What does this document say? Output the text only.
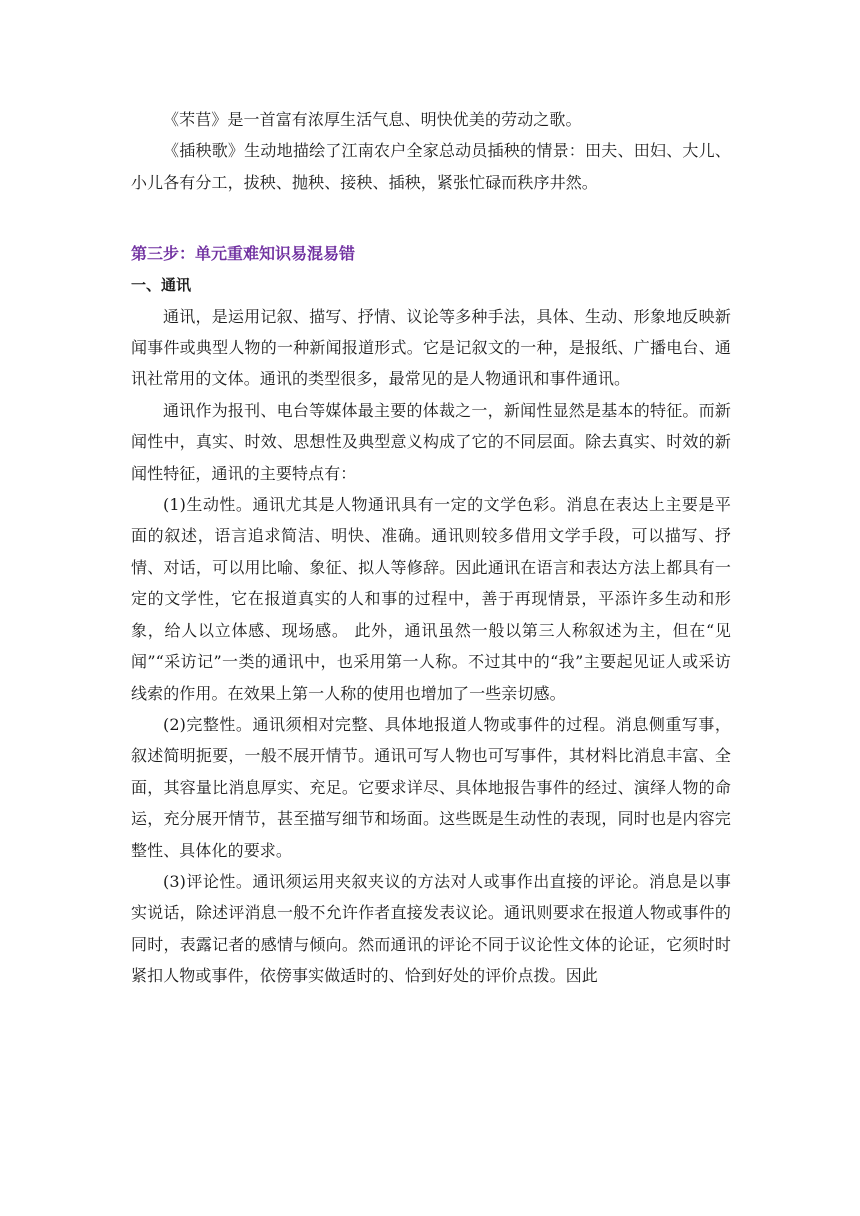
《芣苢》是一首富有浓厚生活气息、明快优美的劳动之歌。

《插秧歌》生动地描绘了江南农户全家总动员插秧的情景：田夫、田妇、大儿、小儿各有分工，拔秧、抛秧、接秧、插秧，紧张忙碌而秩序井然。

第三步：单元重难知识易混易错
一、通讯

通讯，是运用记叙、描写、抒情、议论等多种手法，具体、生动、形象地反映新闻事件或典型人物的一种新闻报道形式。它是记叙文的一种，是报纸、广播电台、通讯社常用的文体。通讯的类型很多，最常见的是人物通讯和事件通讯。

通讯作为报刊、电台等媒体最主要的体裁之一，新闻性显然是基本的特征。而新闻性中，真实、时效、思想性及典型意义构成了它的不同层面。除去真实、时效的新闻性特征，通讯的主要特点有：

(1)生动性。通讯尤其是人物通讯具有一定的文学色彩。消息在表达上主要是平面的叙述，语言追求简洁、明快、准确。通讯则较多借用文学手段，可以描写、抒情、对话，可以用比喻、象征、拟人等修辞。因此通讯在语言和表达方法上都具有一定的文学性，它在报道真实的人和事的过程中，善于再现情景，平添许多生动和形象，给人以立体感、现场感。 此外，通讯虽然一般以第三人称叙述为主，但在“见闻”“采访记”一类的通讯中，也采用第一人称。不过其中的“我”主要起见证人或采访线索的作用。在效果上第一人称的使用也增加了一些亲切感。

(2)完整性。通讯须相对完整、具体地报道人物或事件的过程。消息侧重写事，叙述简明扼要，一般不展开情节。通讯可写人物也可写事件，其材料比消息丰富、全面，其容量比消息厚实、充足。它要求详尽、具体地报告事件的经过、演绎人物的命运，充分展开情节，甚至描写细节和场面。这些既是生动性的表现，同时也是内容完整性、具体化的要求。

(3)评论性。通讯须运用夹叙夹议的方法对人或事作出直接的评论。消息是以事实说话，除述评消息一般不允许作者直接发表议论。通讯则要求在报道人物或事件的同时，表露记者的感情与倾向。然而通讯的评论不同于议论性文体的论证，它须时时紧扣人物或事件，依傍事实做适时的、恰到好处的评价点拨。因此
